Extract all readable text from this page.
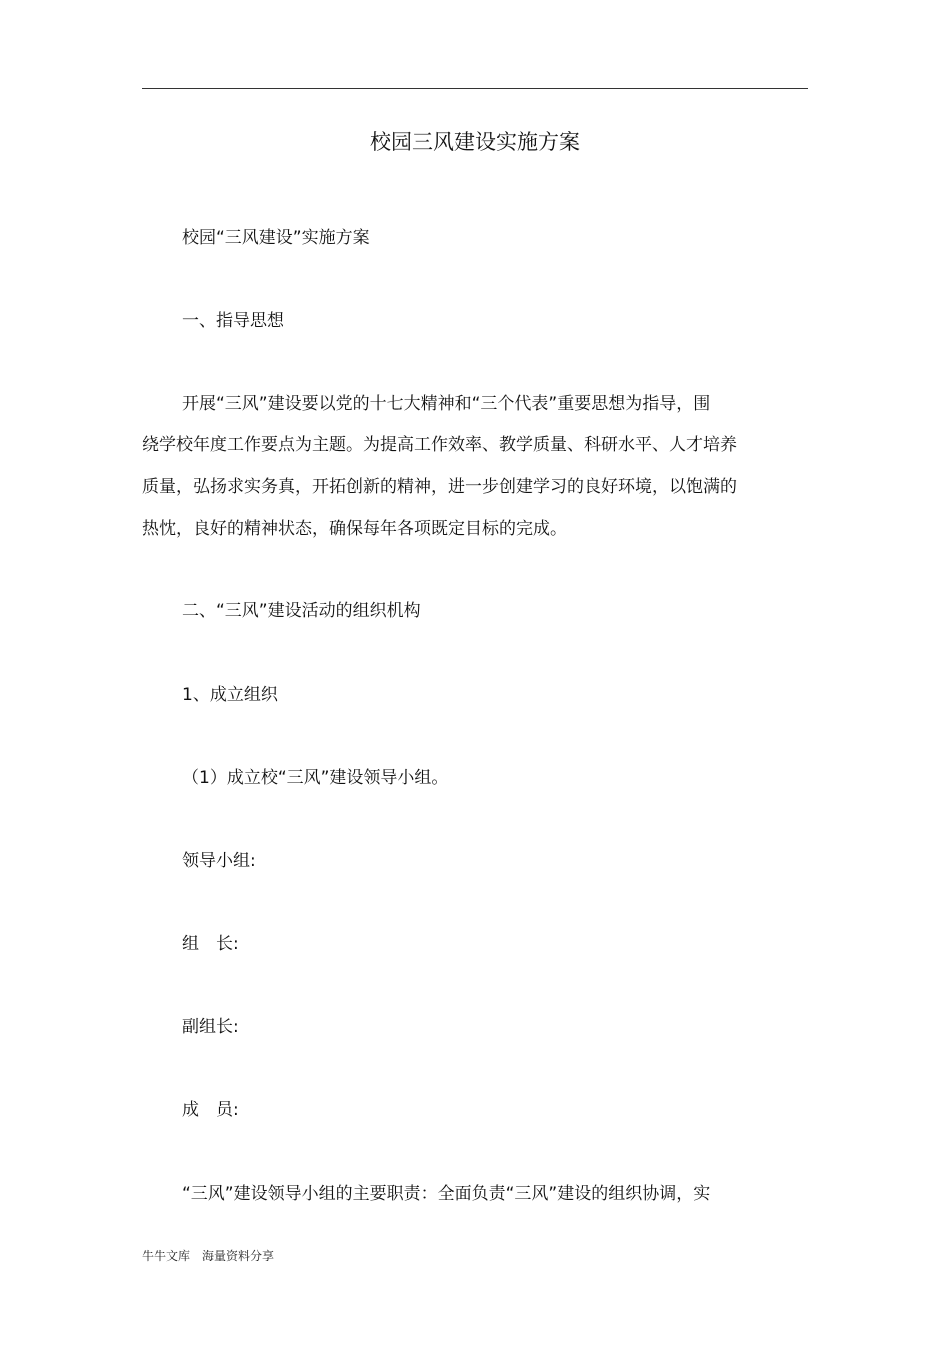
校园三风建设实施方案
校园“三风建设”实施方案
一、指导思想
开展“三风”建设要以党的十七大精神和“三个代表”重要思想为指导，围
绕学校年度工作要点为主题。为提高工作效率、教学质量、科研水平、人才培养
质量，弘扬求实务真，开拓创新的精神，进一步创建学习的良好环境，以饱满的
热忱，良好的精神状态，确保每年各项既定目标的完成。
二、“三风”建设活动的组织机构
1、成立组织
（1）成立校“三风”建设领导小组。
领导小组:
组　长:
副组长:
成　员:
“三风”建设领导小组的主要职责：全面负责“三风”建设的组织协调，实
牛牛文库　海量资料分享
